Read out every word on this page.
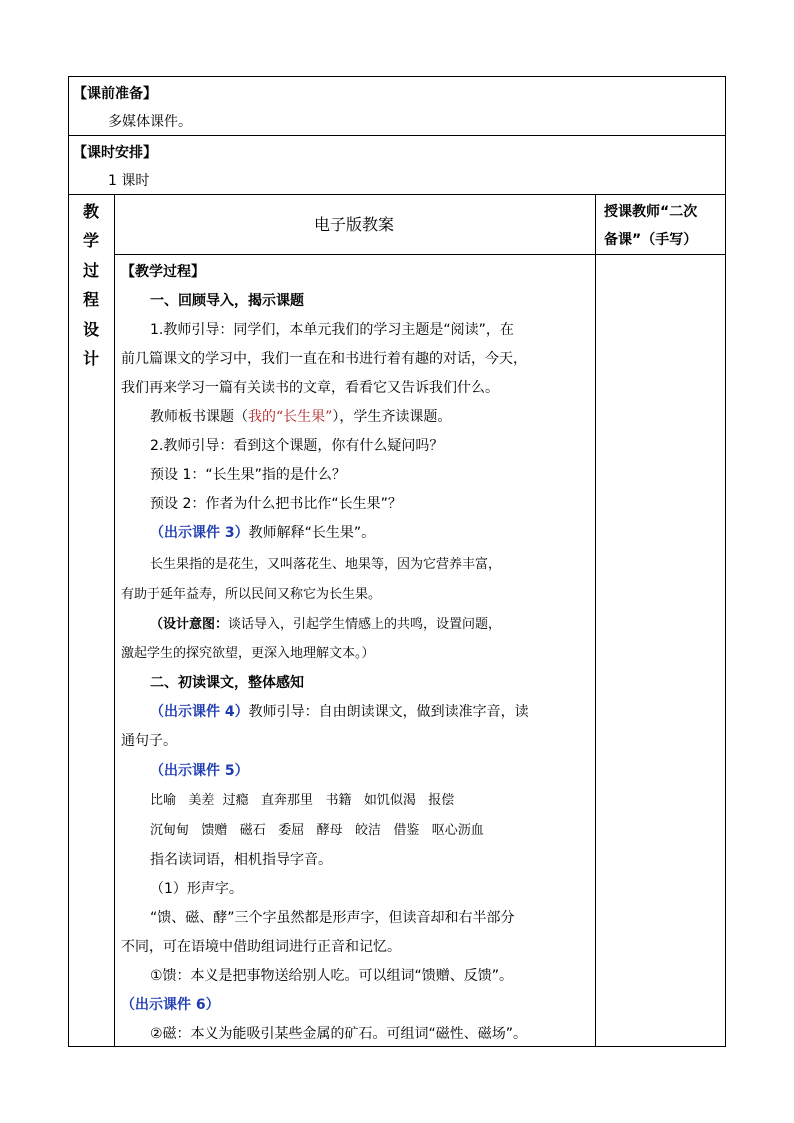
【课前准备】
多媒体课件。
【课时安排】
1 课时
教
学
过
程
设
计
电子版教案
授课教师“二次
备课”（手写）
【教学过程】
一、回顾导入，揭示课题
1.教师引导：同学们，本单元我们的学习主题是“阅读”，在
前几篇课文的学习中，我们一直在和书进行着有趣的对话，今天，
我们再来学习一篇有关读书的文章，看看它又告诉我们什么。
教师板书课题（我的“长生果”），学生齐读课题。
2.教师引导：看到这个课题，你有什么疑问吗？
预设 1：“长生果”指的是什么？
预设 2：作者为什么把书比作“长生果”？
（出示课件 3）教师解释“长生果”。
长生果指的是花生，又叫落花生、地果等，因为它营养丰富，
有助于延年益寿，所以民间又称它为长生果。
（设计意图：谈话导入，引起学生情感上的共鸣，设置问题，
激起学生的探究欲望，更深入地理解文本。）
二、初读课文，整体感知
（出示课件 4）教师引导：自由朗读课文，做到读准字音，读
通句子。
（出示课件 5）
比喻   美差  过瘾   直奔那里   书籍   如饥似渴   报偿
沉甸甸   馈赠   磁石   委屈   酵母   皎洁   借鉴   呕心沥血
指名读词语，相机指导字音。
（1）形声字。
“馈、磁、酵”三个字虽然都是形声字，但读音却和右半部分
不同，可在语境中借助组词进行正音和记忆。
①馈：本义是把事物送给别人吃。可以组词“馈赠、反馈”。
（出示课件 6）
②磁：本义为能吸引某些金属的矿石。可组词“磁性、磁场”。
